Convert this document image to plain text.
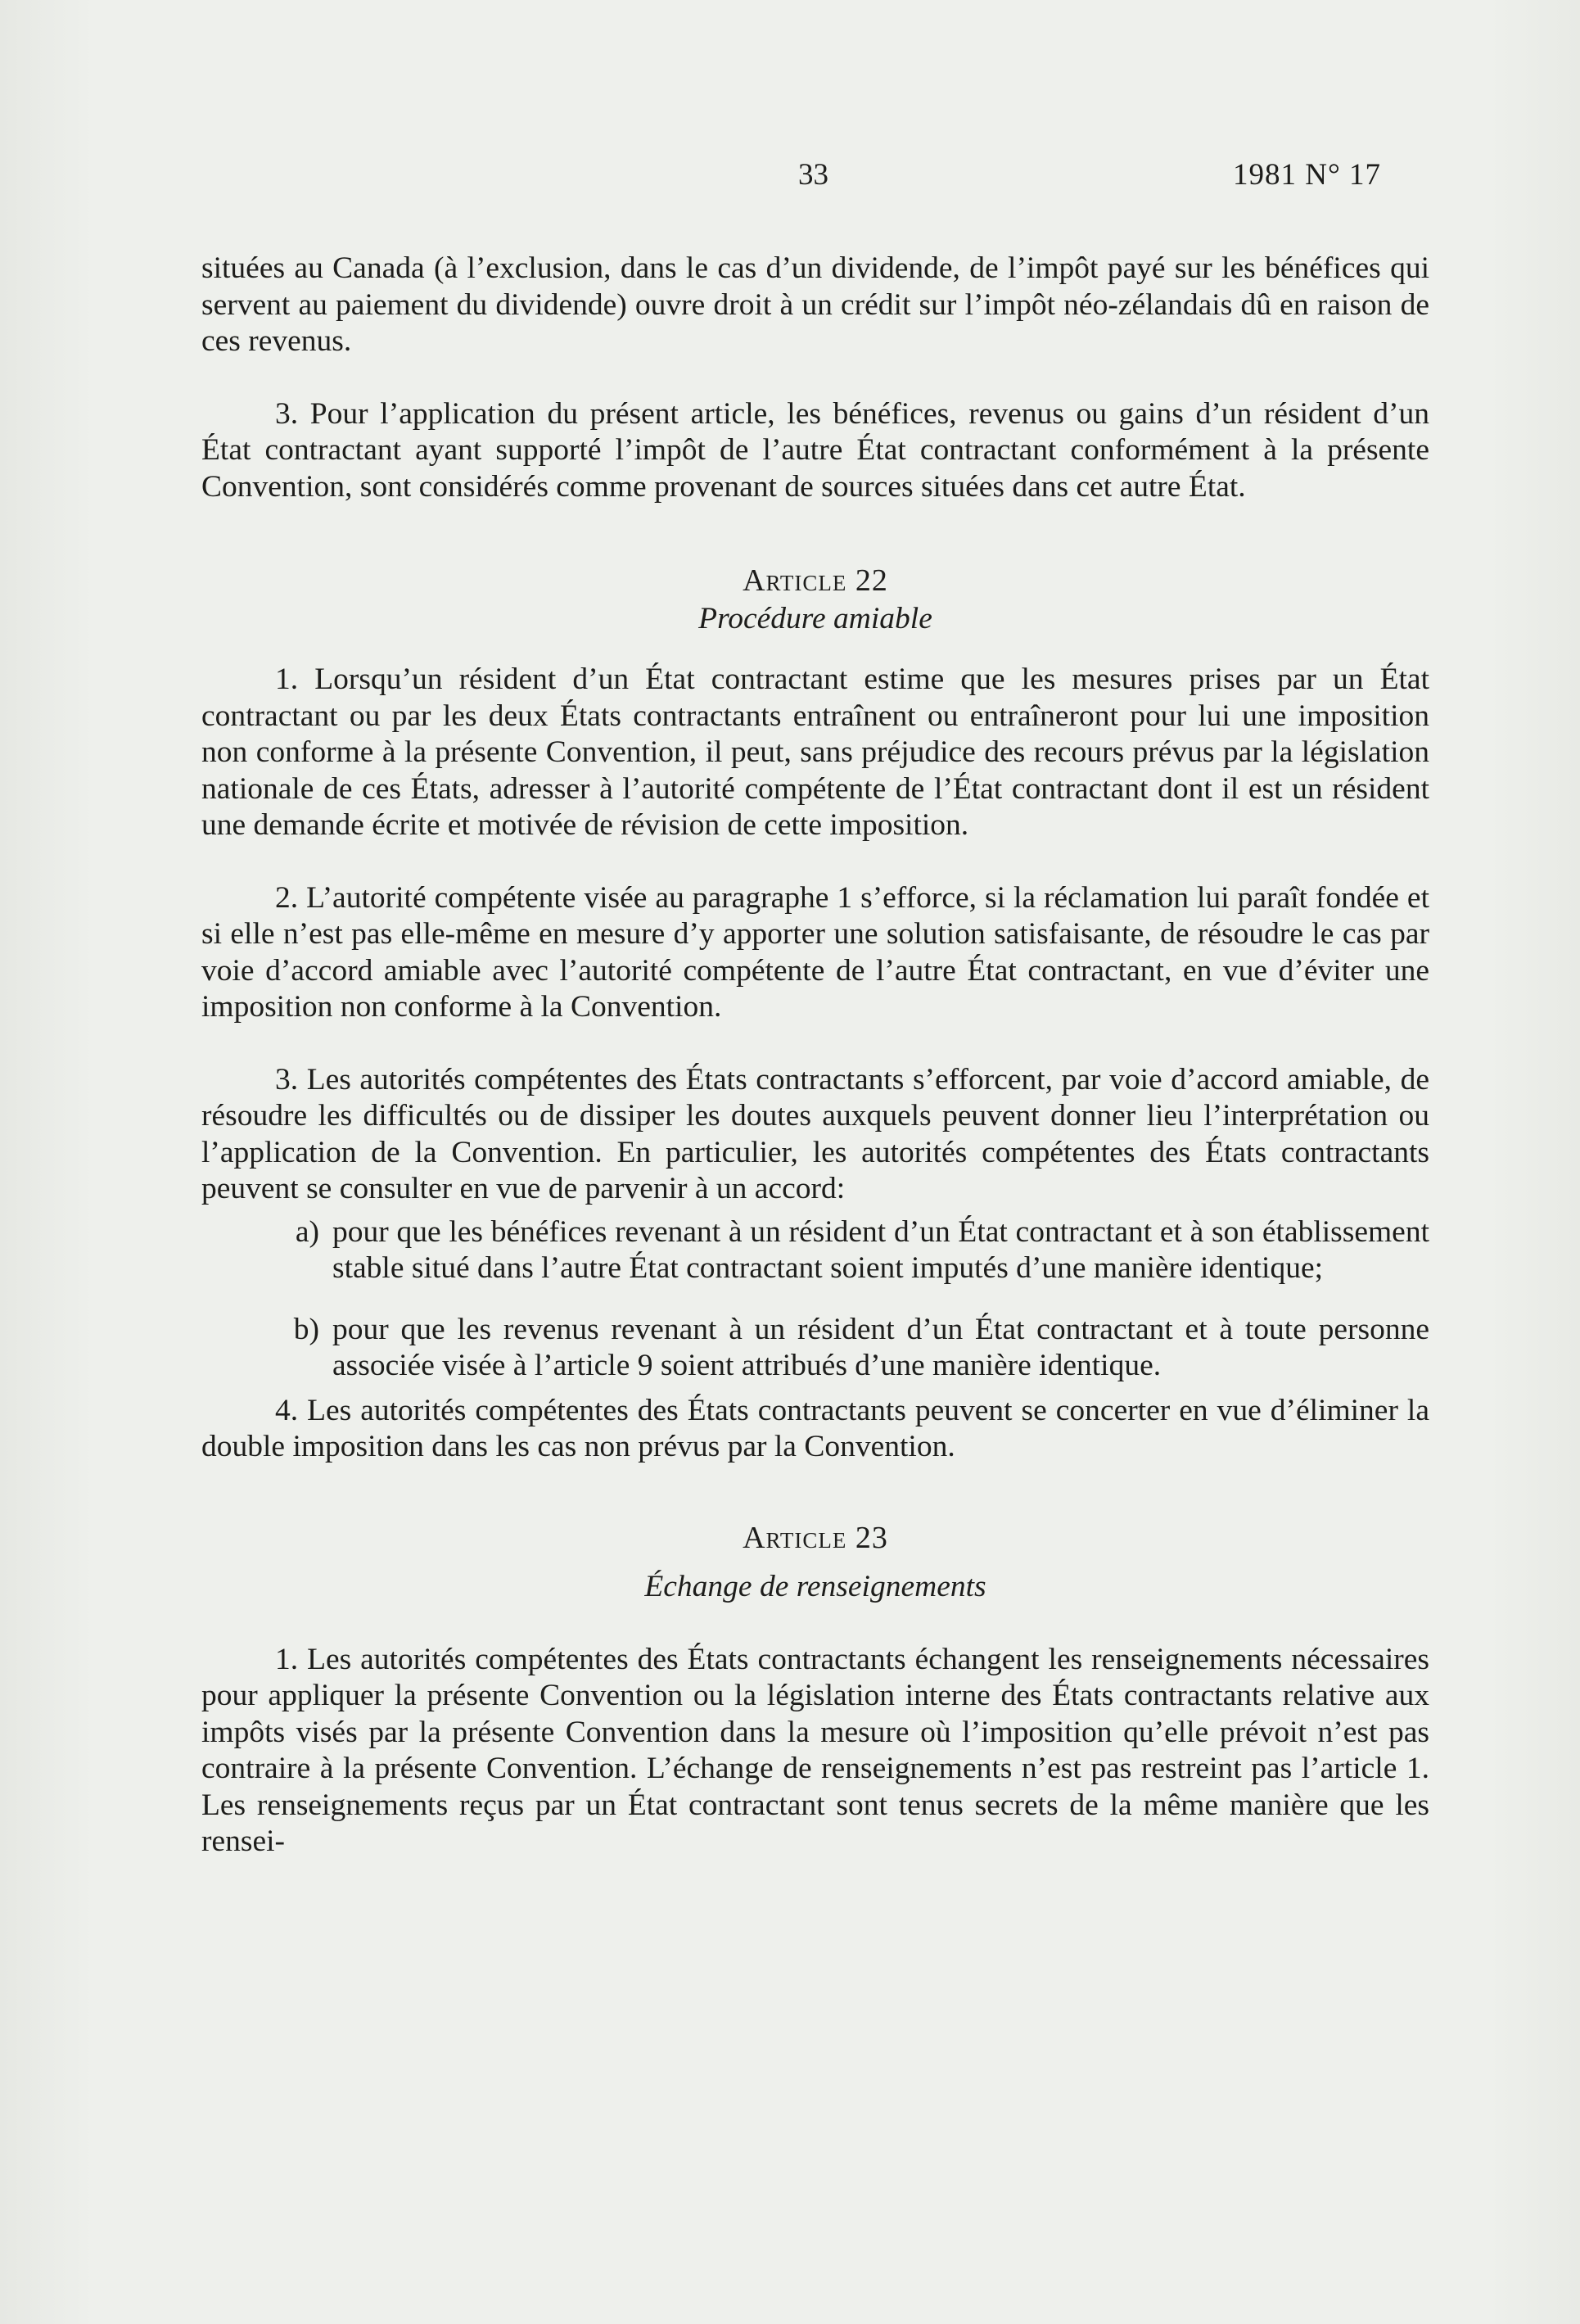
33	1981 N° 17

situées au Canada (à l’exclusion, dans le cas d’un dividende, de l’impôt payé sur les bénéfices qui servent au paiement du dividende) ouvre droit à un crédit sur l’impôt néo-zélandais dû en raison de ces revenus.

3. Pour l’application du présent article, les bénéfices, revenus ou gains d’un résident d’un État contractant ayant supporté l’impôt de l’autre État contractant conformément à la présente Convention, sont considérés comme provenant de sources situées dans cet autre État.

Article 22

Procédure amiable

1. Lorsqu’un résident d’un État contractant estime que les mesures prises par un État contractant ou par les deux États contractants entraînent ou entraîneront pour lui une imposition non conforme à la présente Convention, il peut, sans préjudice des recours prévus par la législation nationale de ces États, adresser à l’autorité compétente de l’État contractant dont il est un résident une demande écrite et motivée de révision de cette imposition.

2. L’autorité compétente visée au paragraphe 1 s’efforce, si la réclamation lui paraît fondée et si elle n’est pas elle-même en mesure d’y apporter une solution satisfaisante, de résoudre le cas par voie d’accord amiable avec l’autorité compétente de l’autre État contractant, en vue d’éviter une imposition non conforme à la Convention.

3. Les autorités compétentes des États contractants s’efforcent, par voie d’accord amiable, de résoudre les difficultés ou de dissiper les doutes auxquels peuvent donner lieu l’interprétation ou l’application de la Convention. En particulier, les autorités compétentes des États contractants peuvent se consulter en vue de parvenir à un accord:

a) pour que les bénéfices revenant à un résident d’un État contractant et à son établissement stable situé dans l’autre État contractant soient imputés d’une manière identique;
b) pour que les revenus revenant à un résident d’un État contractant et à toute personne associée visée à l’article 9 soient attribués d’une manière identique.

4. Les autorités compétentes des États contractants peuvent se concerter en vue d’éliminer la double imposition dans les cas non prévus par la Convention.

Article 23

Échange de renseignements

1. Les autorités compétentes des États contractants échangent les renseignements nécessaires pour appliquer la présente Convention ou la législation interne des États contractants relative aux impôts visés par la présente Convention dans la mesure où l’imposition qu’elle prévoit n’est pas contraire à la présente Convention. L’échange de renseignements n’est pas restreint pas l’article 1. Les renseignements reçus par un État contractant sont tenus secrets de la même manière que les rensei-
